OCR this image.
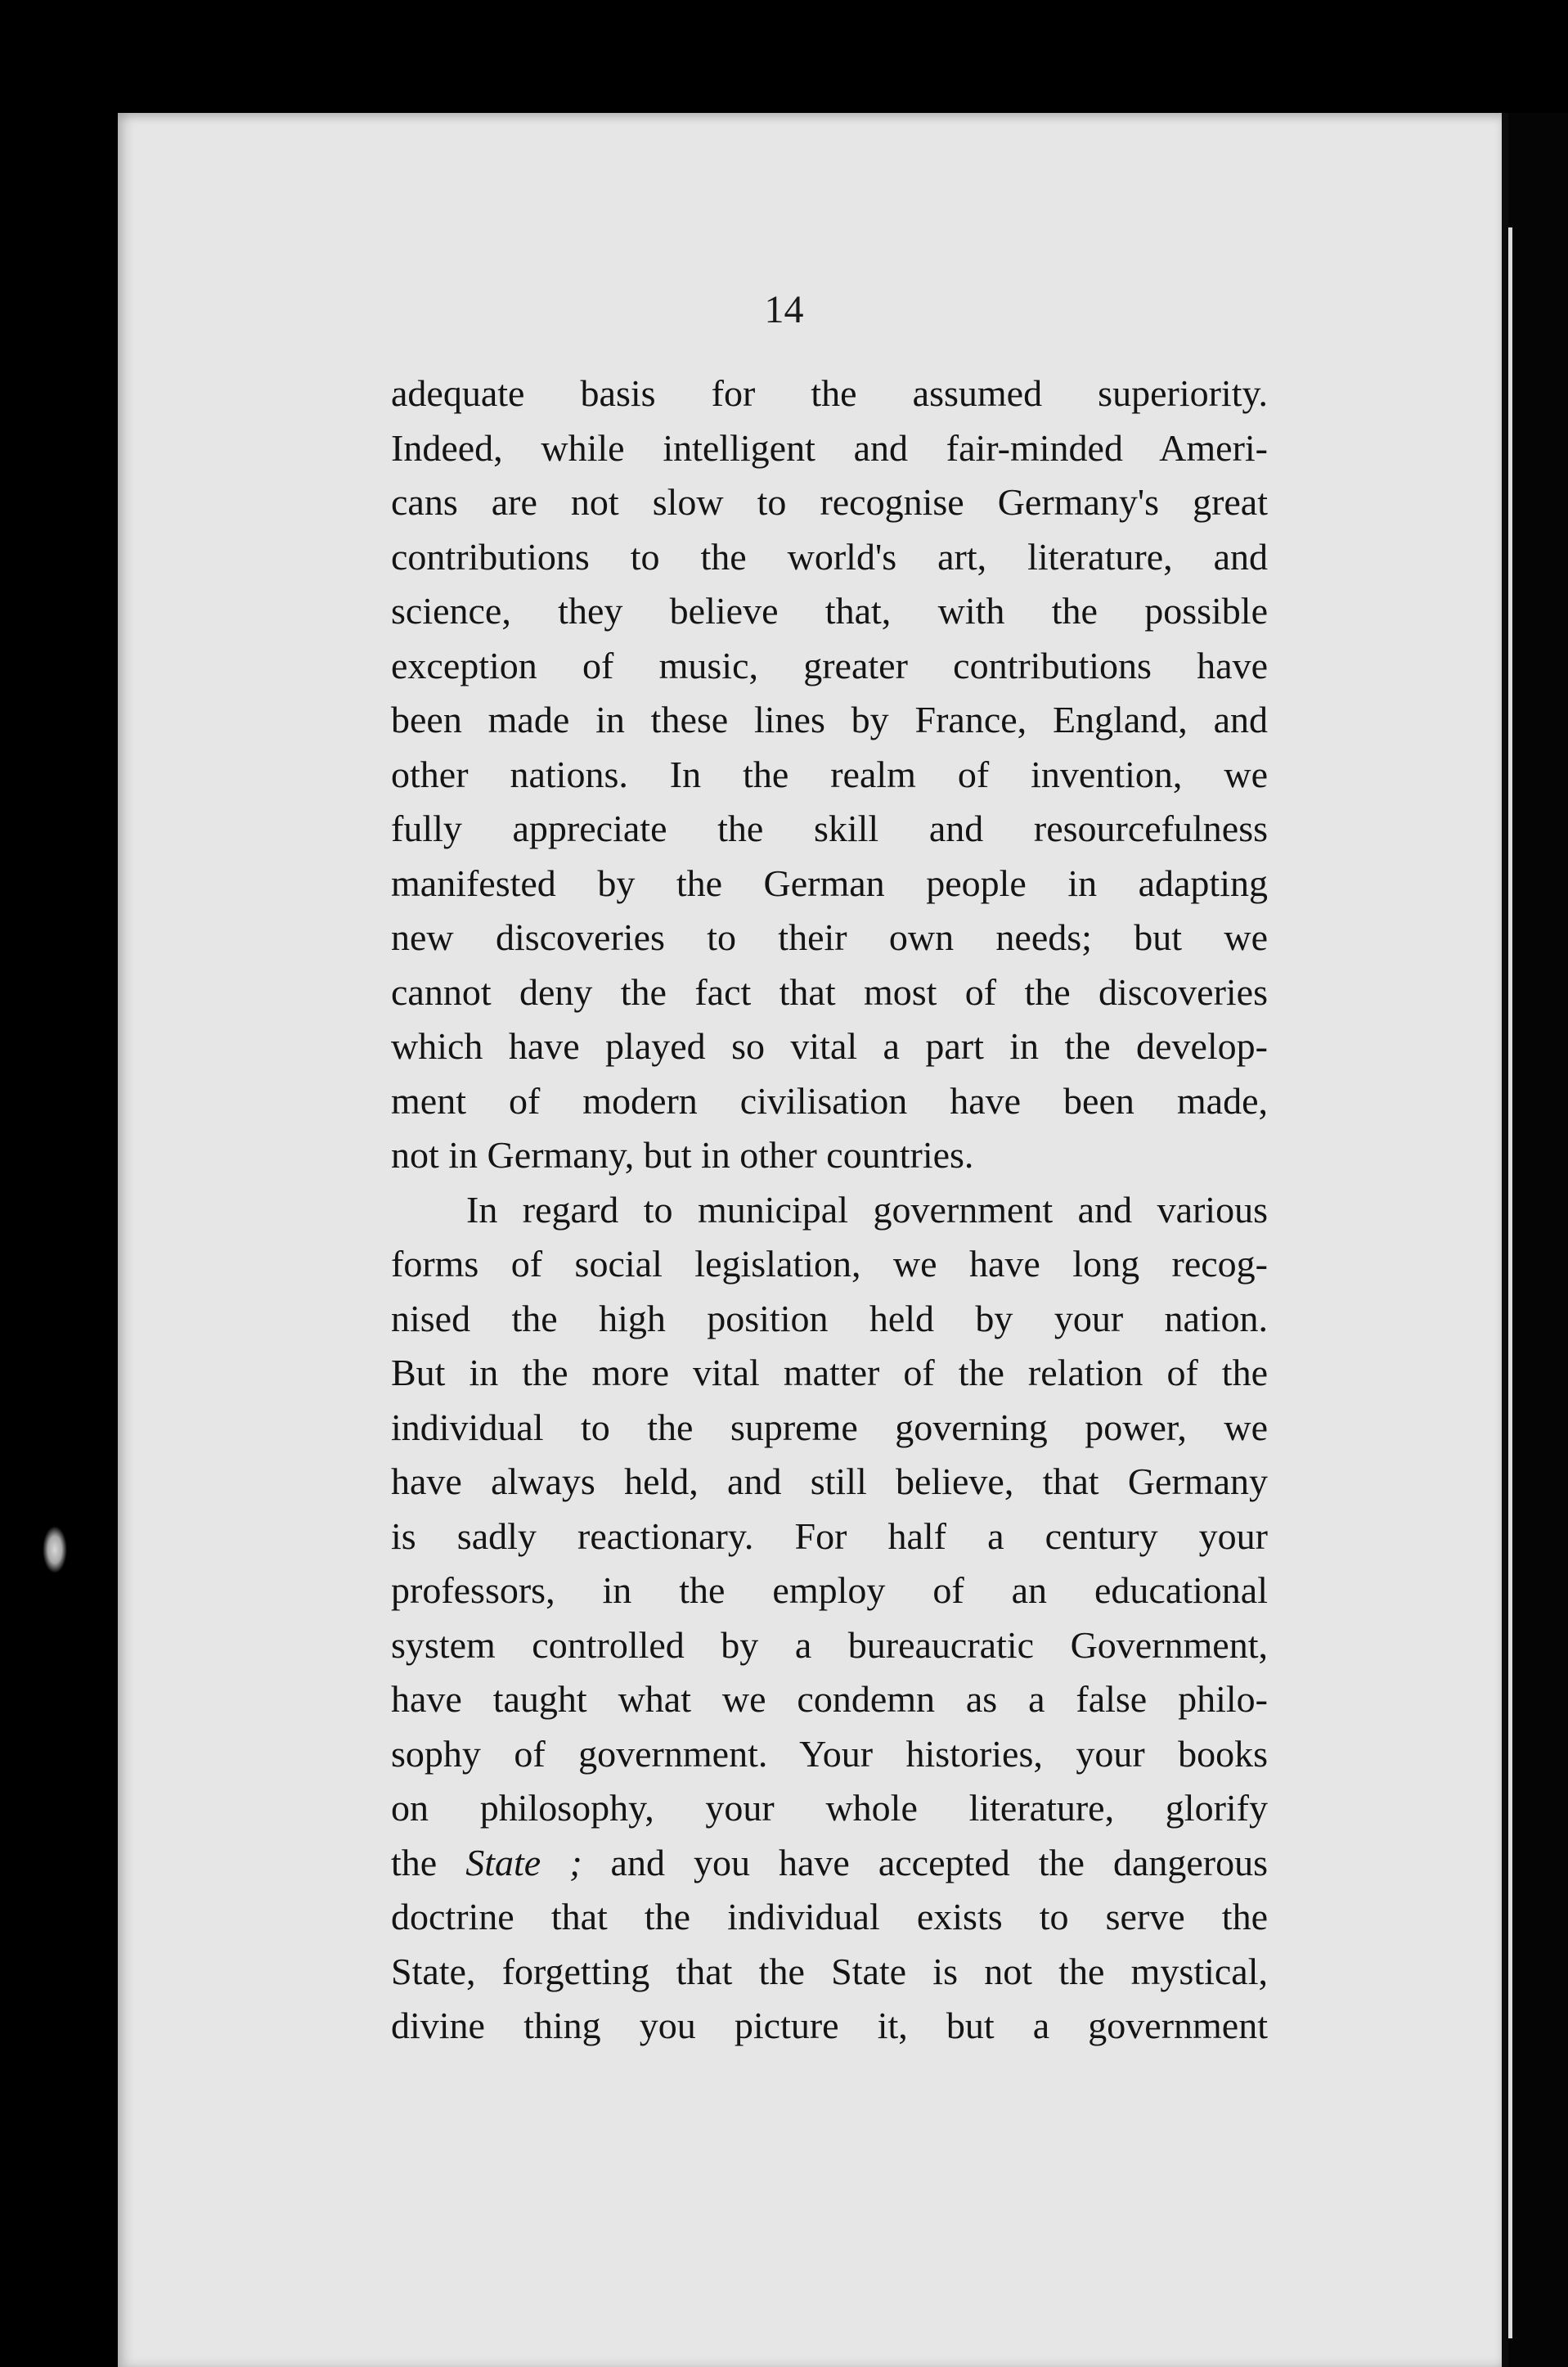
14
adequate basis for the assumed superiority.
Indeed, while intelligent and fair-minded Ameri-
cans are not slow to recognise Germany's great
contributions to the world's art, literature, and
science, they believe that, with the possible
exception of music, greater contributions have
been made in these lines by France, England, and
other nations. In the realm of invention, we
fully appreciate the skill and resourcefulness
manifested by the German people in adapting
new discoveries to their own needs; but we
cannot deny the fact that most of the discoveries
which have played so vital a part in the develop-
ment of modern civilisation have been made,
not in Germany, but in other countries.
In regard to municipal government and various
forms of social legislation, we have long recog-
nised the high position held by your nation.
But in the more vital matter of the relation of the
individual to the supreme governing power, we
have always held, and still believe, that Germany
is sadly reactionary. For half a century your
professors, in the employ of an educational
system controlled by a bureaucratic Government,
have taught what we condemn as a false philo-
sophy of government. Your histories, your books
on philosophy, your whole literature, glorify
the State ; and you have accepted the dangerous
doctrine that the individual exists to serve the
State, forgetting that the State is not the mystical,
divine thing you picture it, but a government
